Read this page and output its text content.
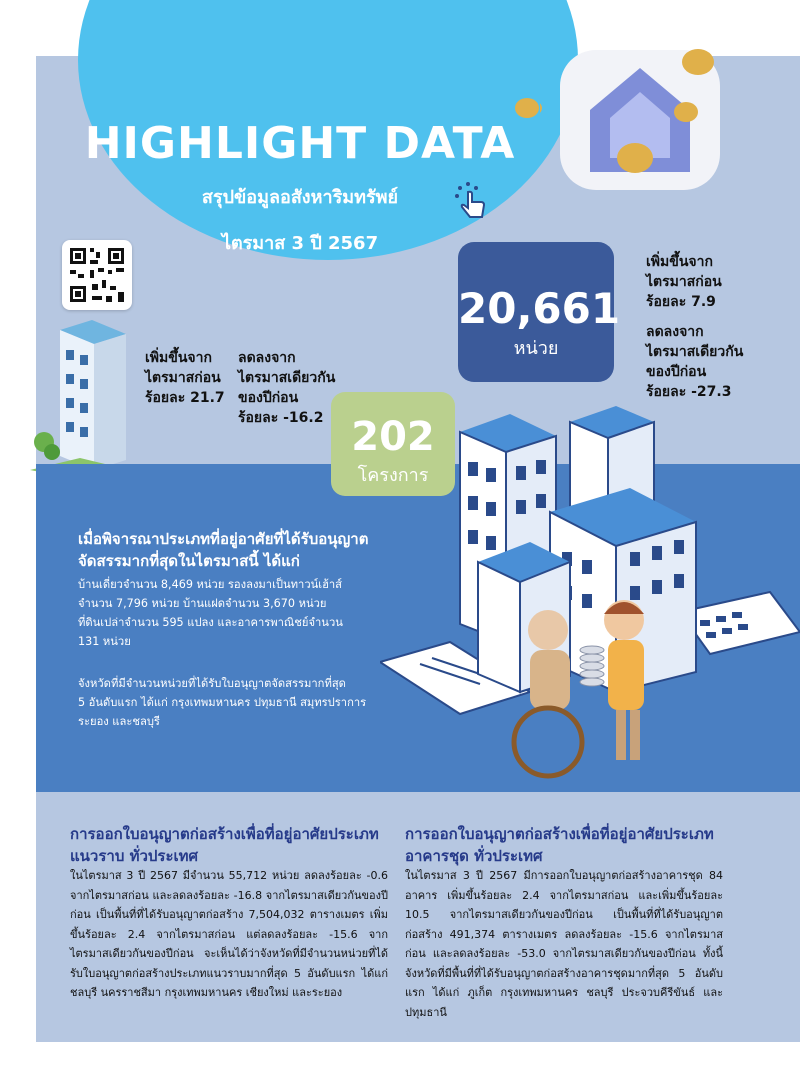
HIGHLIGHT DATA
สรุปข้อมูลอสังหาริมทรัพย์
ไตรมาส 3 ปี 2567
20,661
หน่วย
เพิ่มขึ้นจาก
ไตรมาสก่อน
ร้อยละ 7.9
ลดลงจาก
ไตรมาสเดียวกัน
ของปีก่อน
ร้อยละ -27.3
เพิ่มขึ้นจาก
ไตรมาสก่อน
ร้อยละ 21.7
ลดลงจาก
ไตรมาสเดียวกัน
ของปีก่อน
ร้อยละ -16.2 202
โครงการ
เมื่อพิจารณาประเภทที่อยู่อาศัยที่ได้รับอนุญาต
จัดสรรมากที่สุดในไตรมาสนี้ ได้แก่
บ้านเดี่ยวจำนวน 8,469 หน่วย รองลงมาเป็นทาวน์เฮ้าส์
จำนวน 7,796 หน่วย บ้านแฝดจำนวน 3,670 หน่วย
ที่ดินเปล่าจำนวน 595 แปลง และอาคารพาณิชย์จำนวน
131 หน่วย
จังหวัดที่มีจำนวนหน่วยที่ได้รับใบอนุญาตจัดสรรมากที่สุด
5 อันดับแรก ได้แก่ กรุงเทพมหานคร ปทุมธานี สมุทรปราการ
ระยอง และชลบุรี
การออกใบอนุญาตก่อสร้างเพื่อที่อยู่อาศัยประเภท
แนวราบ ทั่วประเทศ
ในไตรมาส 3 ปี 2567 มีจำนวน 55,712 หน่วย ลดลงร้อยละ -0.6 จากไตรมาสก่อน และลดลงร้อยละ -16.8 จากไตรมาสเดียวกันของปีก่อน เป็นพื้นที่ที่ได้รับอนุญาตก่อสร้าง 7,504,032 ตารางเมตร เพิ่มขึ้นร้อยละ 2.4 จากไตรมาสก่อน แต่ลดลงร้อยละ -15.6 จากไตรมาสเดียวกันของปีก่อน จะเห็นได้ว่าจังหวัดที่มีจำนวนหน่วยที่ได้รับใบอนุญาตก่อสร้างประเภทแนวราบมากที่สุด 5 อันดับแรก ได้แก่ ชลบุรี นครราชสีมา กรุงเทพมหานคร เชียงใหม่ และระยอง
การออกใบอนุญาตก่อสร้างเพื่อที่อยู่อาศัยประเภท
อาคารชุด ทั่วประเทศ
ในไตรมาส 3 ปี 2567 มีการออกใบอนุญาตก่อสร้างอาคารชุด 84 อาคาร เพิ่มขึ้นร้อยละ 2.4 จากไตรมาสก่อน และเพิ่มขึ้นร้อยละ 10.5 จากไตรมาสเดียวกันของปีก่อน เป็นพื้นที่ที่ได้รับอนุญาตก่อสร้าง 491,374 ตารางเมตร ลดลงร้อยละ -15.6 จากไตรมาสก่อน และลดลงร้อยละ -53.0 จากไตรมาสเดียวกันของปีก่อน ทั้งนี้จังหวัดที่มีพื้นที่ที่ได้รับอนุญาตก่อสร้างอาคารชุดมากที่สุด 5 อันดับแรก ได้แก่ ภูเก็ต กรุงเทพมหานคร ชลบุรี ประจวบคีรีขันธ์ และปทุมธานี
